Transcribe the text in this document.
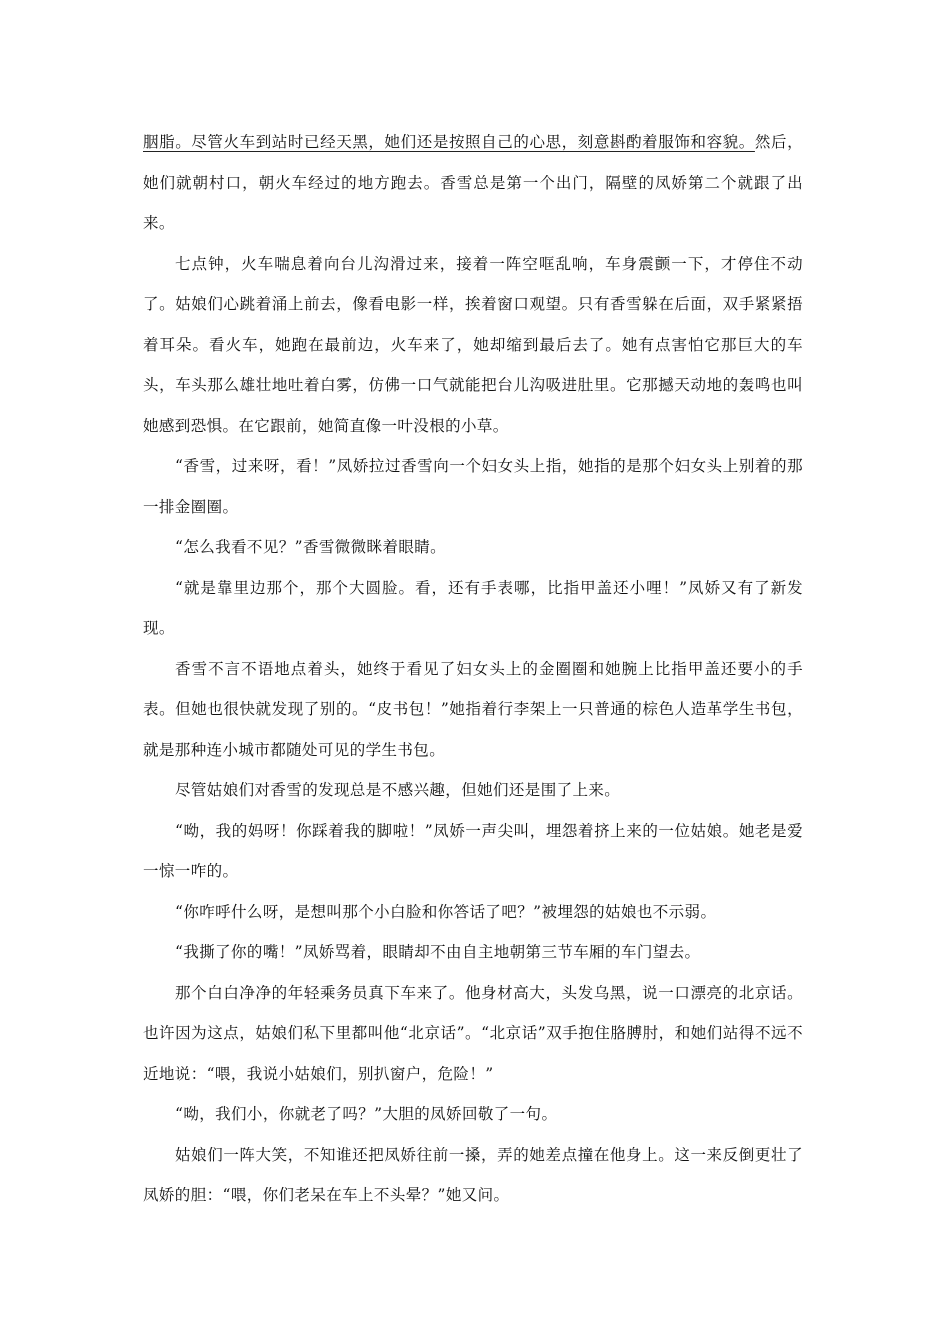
胭脂。尽管火车到站时已经天黑，她们还是按照自己的心思，刻意斟酌着服饰和容貌。然后，她们就朝村口，朝火车经过的地方跑去。香雪总是第一个出门，隔壁的凤娇第二个就跟了出来。

七点钟，火车喘息着向台儿沟滑过来，接着一阵空哐乱响，车身震颤一下，才停住不动了。姑娘们心跳着涌上前去，像看电影一样，挨着窗口观望。只有香雪躲在后面，双手紧紧捂着耳朵。看火车，她跑在最前边，火车来了，她却缩到最后去了。她有点害怕它那巨大的车头，车头那么雄壮地吐着白雾，仿佛一口气就能把台儿沟吸进肚里。它那撼天动地的轰鸣也叫她感到恐惧。在它跟前，她简直像一叶没根的小草。

“香雪，过来呀，看！”凤娇拉过香雪向一个妇女头上指，她指的是那个妇女头上别着的那一排金圈圈。

“怎么我看不见？”香雪微微眯着眼睛。

“就是靠里边那个，那个大圆脸。看，还有手表哪，比指甲盖还小哩！”凤娇又有了新发现。

香雪不言不语地点着头，她终于看见了妇女头上的金圈圈和她腕上比指甲盖还要小的手表。但她也很快就发现了别的。“皮书包！”她指着行李架上一只普通的棕色人造革学生书包，就是那种连小城市都随处可见的学生书包。

尽管姑娘们对香雪的发现总是不感兴趣，但她们还是围了上来。

“呦，我的妈呀！你踩着我的脚啦！”凤娇一声尖叫，埋怨着挤上来的一位姑娘。她老是爱一惊一咋的。

“你咋呼什么呀，是想叫那个小白脸和你答话了吧？”被埋怨的姑娘也不示弱。

“我撕了你的嘴！”凤娇骂着，眼睛却不由自主地朝第三节车厢的车门望去。

那个白白净净的年轻乘务员真下车来了。他身材高大，头发乌黑，说一口漂亮的北京话。也许因为这点，姑娘们私下里都叫他“北京话”。“北京话”双手抱住胳膊肘，和她们站得不远不近地说：“喂，我说小姑娘们，别扒窗户，危险！”

“呦，我们小，你就老了吗？”大胆的凤娇回敬了一句。

姑娘们一阵大笑，不知谁还把凤娇往前一搡，弄的她差点撞在他身上。这一来反倒更壮了凤娇的胆：“喂，你们老呆在车上不头晕？”她又问。
